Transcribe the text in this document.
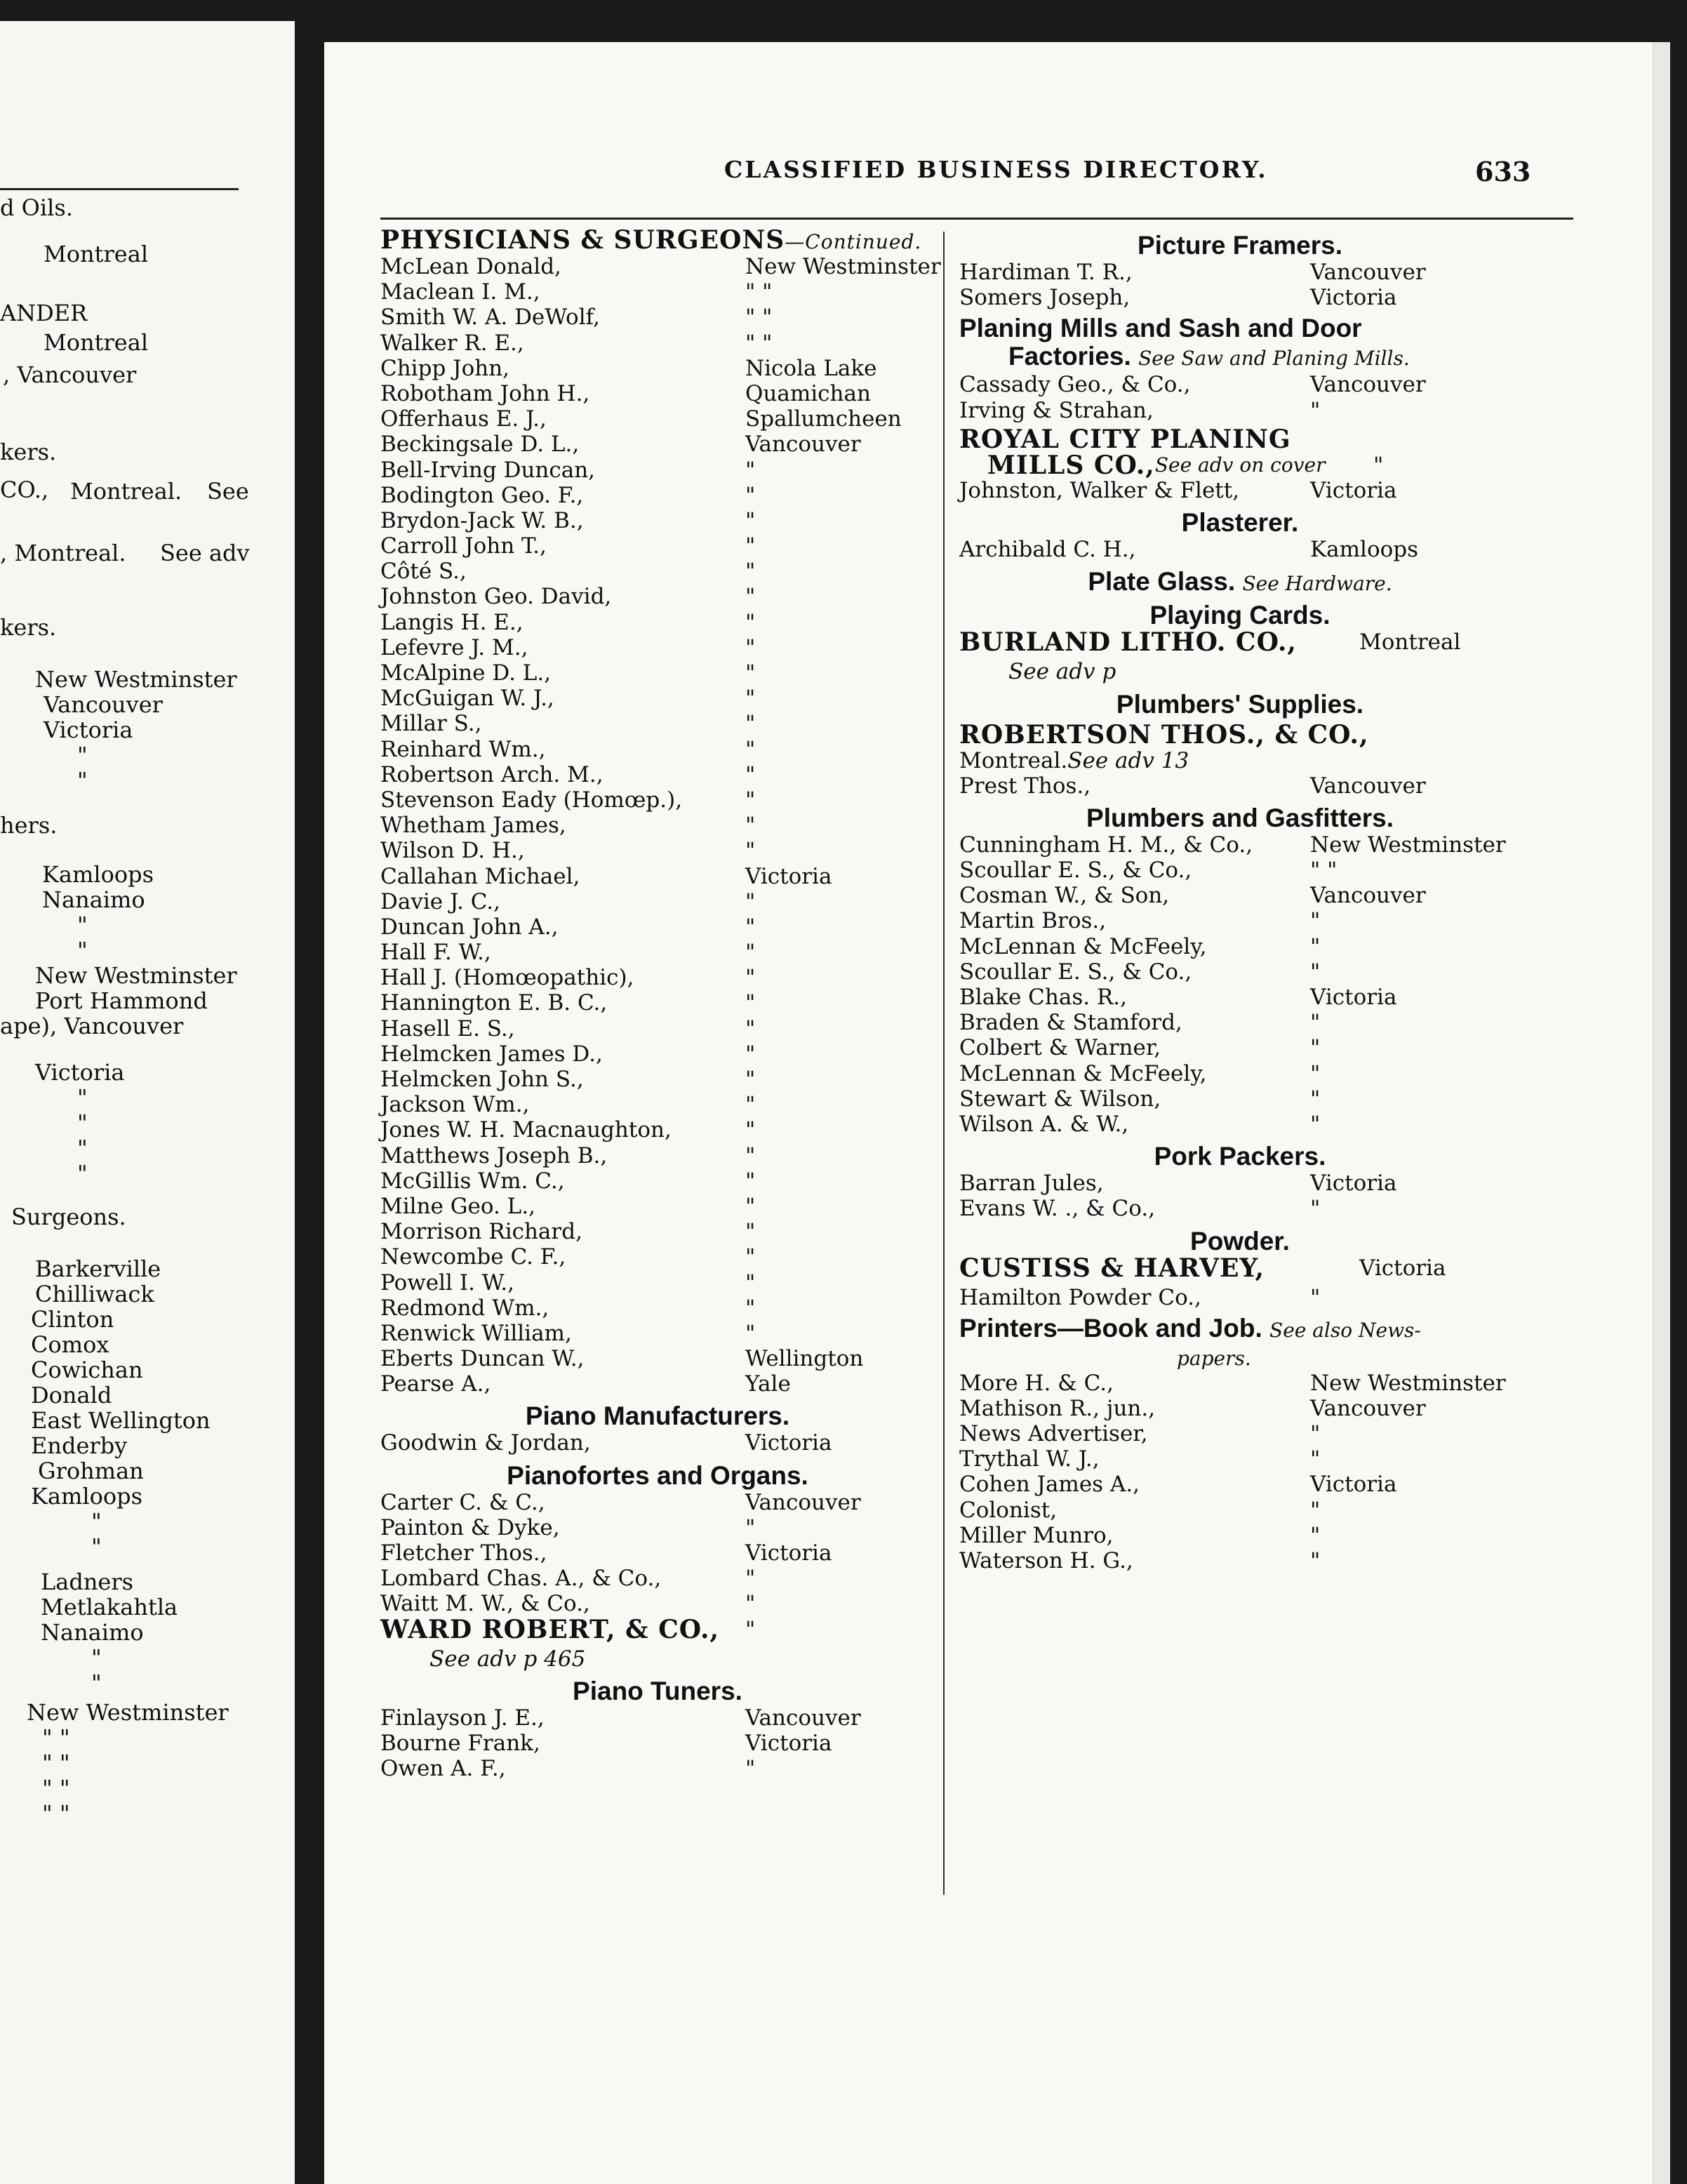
d Oils.
Montreal
ANDER
Montreal
, Vancouver
kers.
CO., Montreal. See
, Montreal. See adv
kers.
New Westminster
Vancouver
Victoria
"
"
hers.
Kamloops
Nanaimo
"
"
New Westminster
Port Hammond
ape), Vancouver
Victoria
"
"
"
"
Surgeons.
Barkerville
Chilliwack
Clinton
Comox
Cowichan
Donald
East Wellington
Enderby
Grohman
Kamloops
"
"
Ladners
Metlakahtla
Nanaimo
"
"
New Westminster
" "
" "
" "
" "
CLASSIFIED BUSINESS DIRECTORY.	633
PHYSICIANS & SURGEONS—Continued.
McLean Donald,	New Westminster
Maclean I. M.,	" "
Smith W. A. DeWolf,	" "
Walker R. E.,	" "
Chipp John,	Nicola Lake
Robotham John H.,	Quamichan
Offerhaus E. J.,	Spallumcheen
Beckingsale D. L.,	Vancouver
Bell-Irving Duncan,	"
Bodington Geo. F.,	"
Brydon-Jack W. B.,	"
Carroll John T.,	"
Côté S.,	"
Johnston Geo. David,	"
Langis H. E.,	"
Lefevre J. M.,	"
McAlpine D. L.,	"
McGuigan W. J.,	"
Millar S.,	"
Reinhard Wm.,	"
Robertson Arch. M.,	"
Stevenson Eady (Homœp.),	"
Whetham James,	"
Wilson D. H.,	"
Callahan Michael,	Victoria
Davie J. C.,	"
Duncan John A.,	"
Hall F. W.,	"
Hall J. (Homœopathic),	"
Hannington E. B. C.,	"
Hasell E. S.,	"
Helmcken James D.,	"
Helmcken John S.,	"
Jackson Wm.,	"
Jones W. H. Macnaughton,	"
Matthews Joseph B.,	"
McGillis Wm. C.,	"
Milne Geo. L.,	"
Morrison Richard,	"
Newcombe C. F.,	"
Powell I. W.,	"
Redmond Wm.,	"
Renwick William,	"
Eberts Duncan W.,	Wellington
Pearse A.,	Yale
Piano Manufacturers.
Goodwin & Jordan,	Victoria
Pianofortes and Organs.
Carter C. & C.,	Vancouver
Painton & Dyke,	"
Fletcher Thos.,	Victoria
Lombard Chas. A., & Co.,	"
Waitt M. W., & Co.,	"
WARD ROBERT, & CO., "
See adv p 465
Piano Tuners.
Finlayson J. E.,	Vancouver
Bourne Frank,	Victoria
Owen A. F.,	"
Picture Framers.
Hardiman T. R.,	Vancouver
Somers Joseph,	Victoria
Planing Mills and Sash and Door
Factories. See Saw and Planing Mills.
Cassady Geo., & Co.,	Vancouver
Irving & Strahan,	"
ROYAL CITY PLANING
MILLS CO., See adv on cover "
Johnston, Walker & Flett,	Victoria
Plasterer.
Archibald C. H.,	Kamloops
Plate Glass. See Hardware.
Playing Cards.
BURLAND LITHO. CO.,	Montreal
See adv p
Plumbers' Supplies.
ROBERTSON THOS., & CO.,
Montreal. See adv 13
Prest Thos.,	Vancouver
Plumbers and Gasfitters.
Cunningham H. M., & Co.,	New Westminster
Scoullar E. S., & Co.,	" "
Cosman W., & Son,	Vancouver
Martin Bros.,	"
McLennan & McFeely,	"
Scoullar E. S., & Co.,	"
Blake Chas. R.,	Victoria
Braden & Stamford,	"
Colbert & Warner,	"
McLennan & McFeely,	"
Stewart & Wilson,	"
Wilson A. & W.,	"
Pork Packers.
Barran Jules,	Victoria
Evans W. ., & Co.,	"
Powder.
CUSTISS & HARVEY,	Victoria
Hamilton Powder Co.,	"
Printers—Book and Job. See also News-
papers.
More H. & C.,	New Westminster
Mathison R., jun.,	Vancouver
News Advertiser,	"
Trythal W. J.,	"
Cohen James A.,	Victoria
Colonist,	"
Miller Munro,	"
Waterson H. G.,	"
